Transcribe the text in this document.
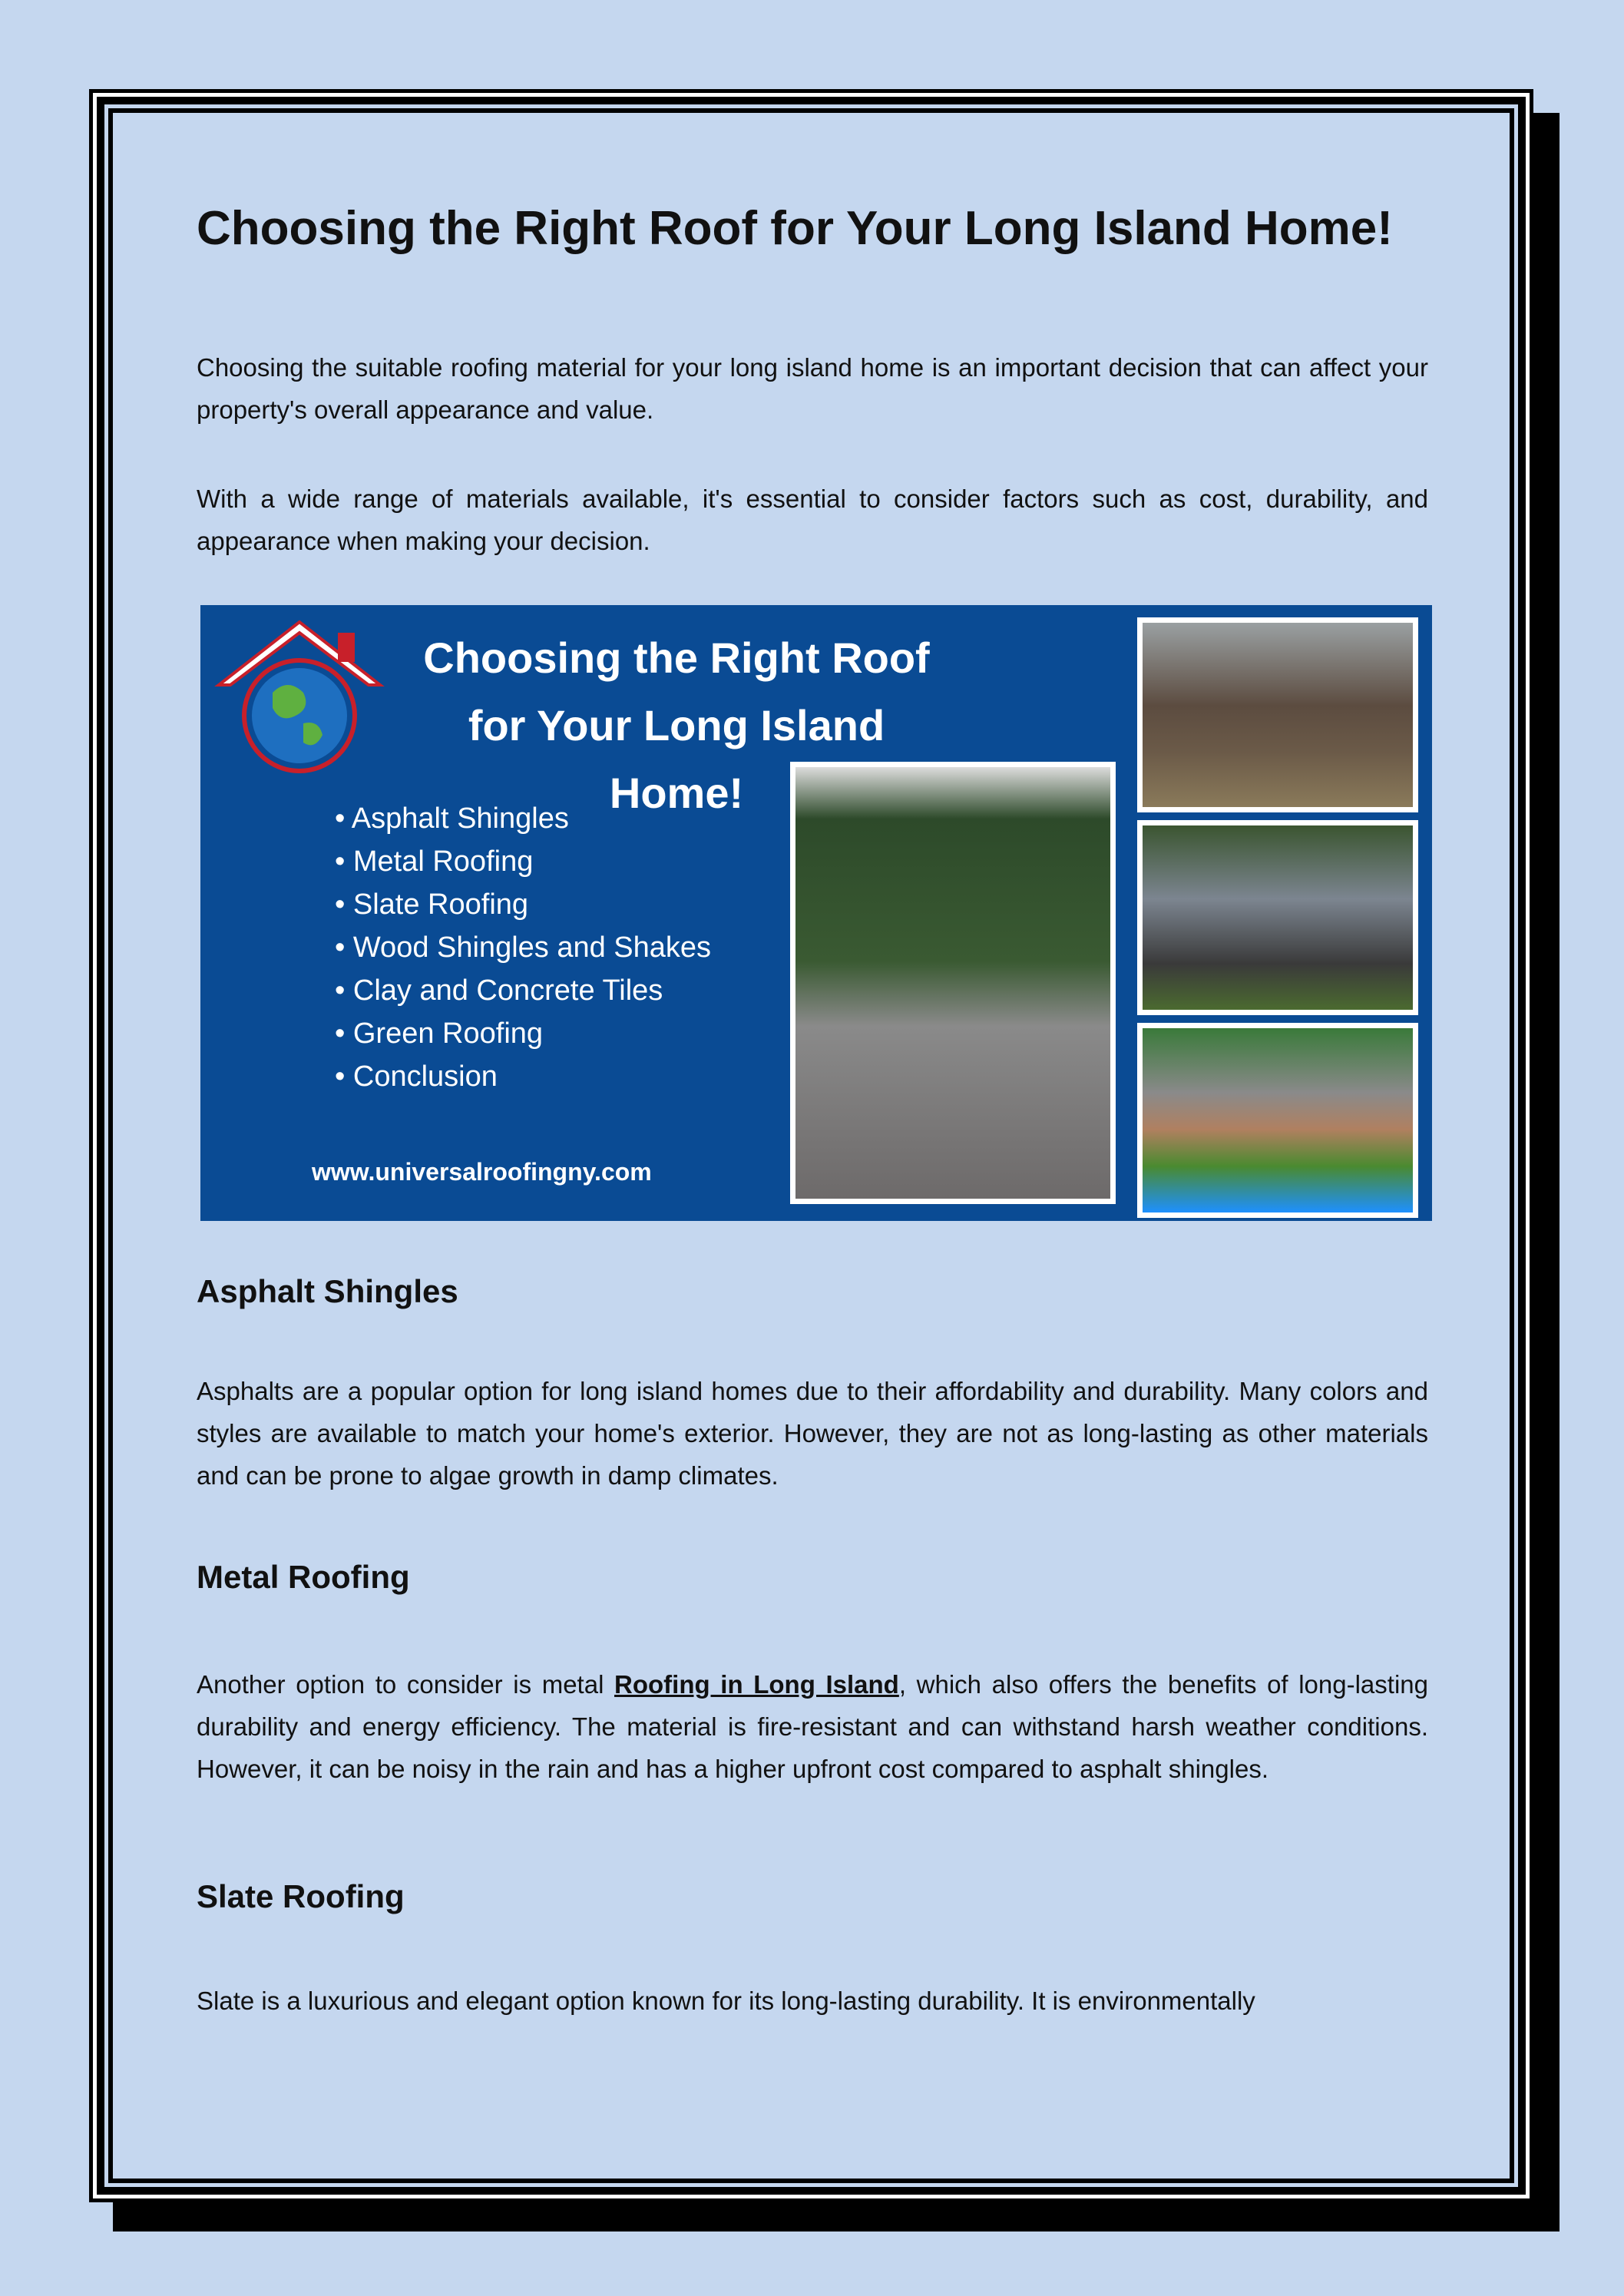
Choosing the Right Roof for Your Long Island Home!

Choosing the suitable roofing material for your long island home is an important decision that can affect your property's overall appearance and value.

With a wide range of materials available, it's essential to consider factors such as cost, durability, and appearance when making your decision.

Choosing the Right Roof for Your Long Island Home!
• Asphalt Shingles
• Metal Roofing
• Slate Roofing
• Wood Shingles and Shakes
• Clay and Concrete Tiles
• Green Roofing
• Conclusion
www.universalroofingny.com
Asphalt Shingles

Asphalts are a popular option for long island homes due to their affordability and durability. Many colors and styles are available to match your home's exterior. However, they are not as long-lasting as other materials and can be prone to algae growth in damp climates.

Metal Roofing

Another option to consider is metal Roofing in Long Island, which also offers the benefits of long-lasting durability and energy efficiency. The material is fire-resistant and can withstand harsh weather conditions. However, it can be noisy in the rain and has a higher upfront cost compared to asphalt shingles.

Slate Roofing

Slate is a luxurious and elegant option known for its long-lasting durability. It is environmentally
